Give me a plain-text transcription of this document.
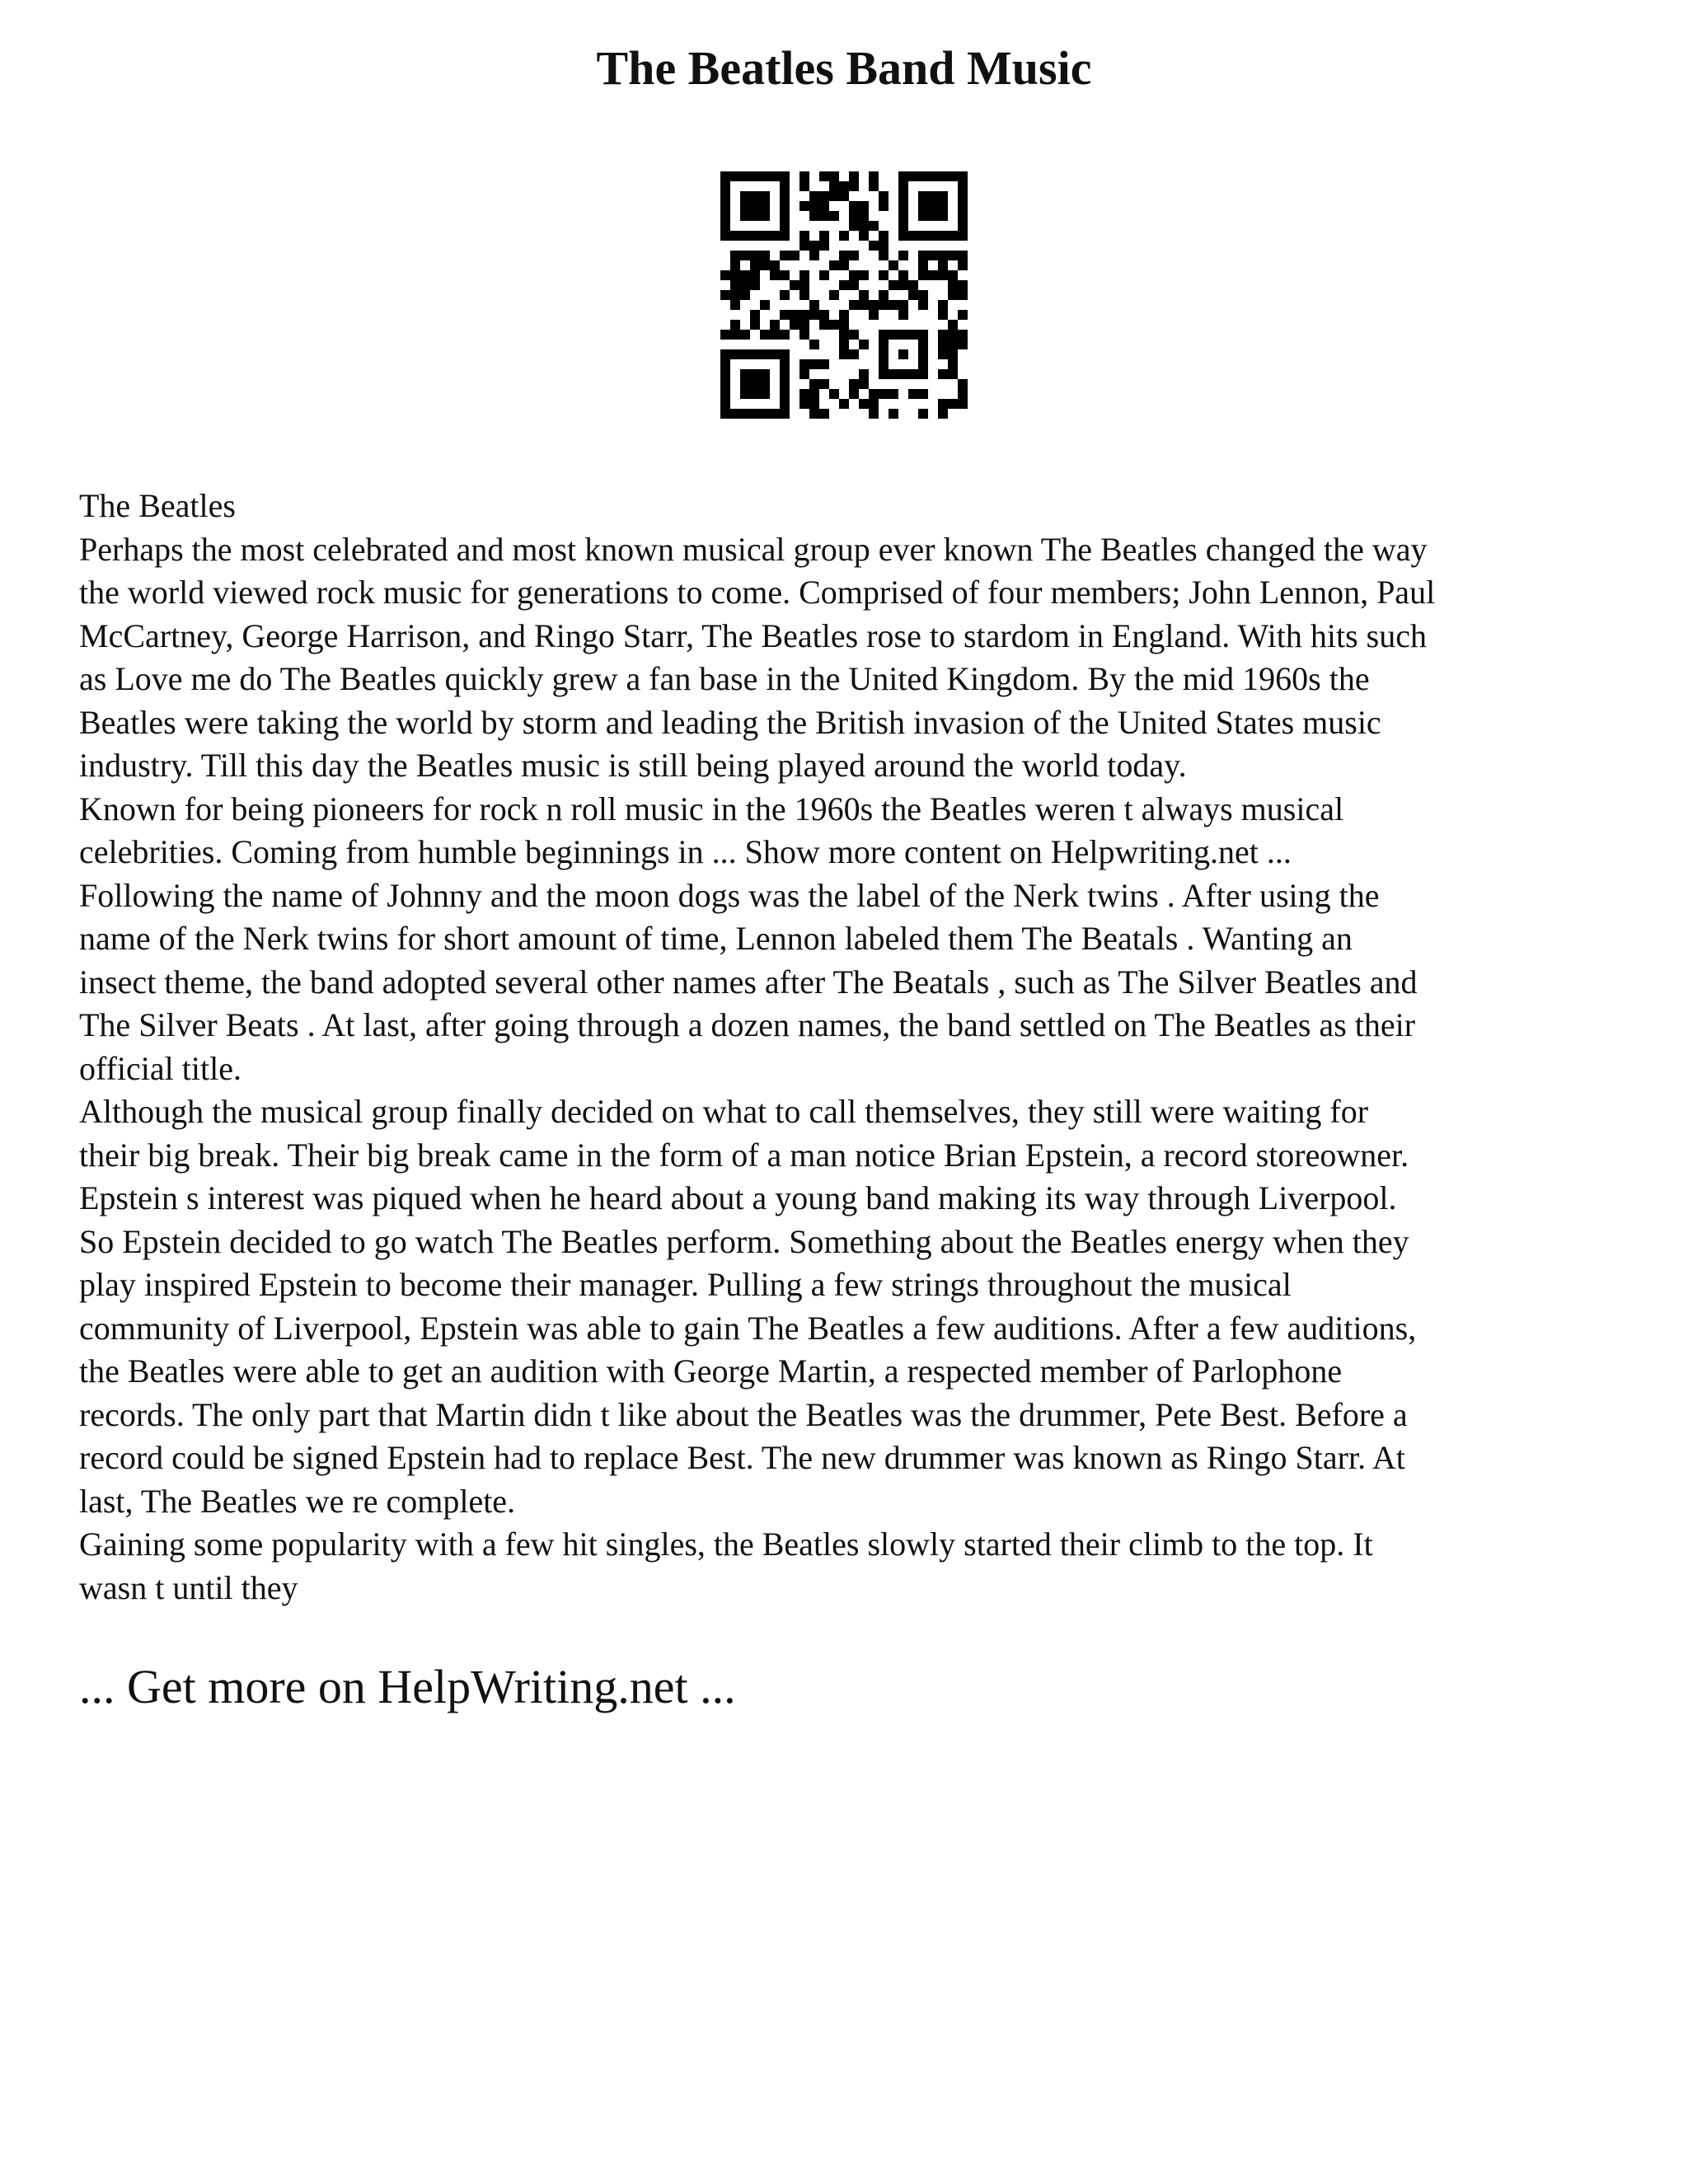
The Beatles Band Music

The Beatles

Perhaps the most celebrated and most known musical group ever known The Beatles changed the way

the world viewed rock music for generations to come. Comprised of four members; John Lennon, Paul

McCartney, George Harrison, and Ringo Starr, The Beatles rose to stardom in England. With hits such

as Love me do The Beatles quickly grew a fan base in the United Kingdom. By the mid 1960s the

Beatles were taking the world by storm and leading the British invasion of the United States music

industry. Till this day the Beatles music is still being played around the world today.

Known for being pioneers for rock n roll music in the 1960s the Beatles weren t always musical

celebrities. Coming from humble beginnings in ... Show more content on Helpwriting.net ...

Following the name of Johnny and the moon dogs was the label of the Nerk twins . After using the

name of the Nerk twins for short amount of time, Lennon labeled them The Beatals . Wanting an

insect theme, the band adopted several other names after The Beatals , such as The Silver Beatles and

The Silver Beats . At last, after going through a dozen names, the band settled on The Beatles as their

official title.

Although the musical group finally decided on what to call themselves, they still were waiting for

their big break. Their big break came in the form of a man notice Brian Epstein, a record storeowner.

Epstein s interest was piqued when he heard about a young band making its way through Liverpool.

So Epstein decided to go watch The Beatles perform. Something about the Beatles energy when they

play inspired Epstein to become their manager. Pulling a few strings throughout the musical

community of Liverpool, Epstein was able to gain The Beatles a few auditions. After a few auditions,

the Beatles were able to get an audition with George Martin, a respected member of Parlophone

records. The only part that Martin didn t like about the Beatles was the drummer, Pete Best. Before a

record could be signed Epstein had to replace Best. The new drummer was known as Ringo Starr. At

last, The Beatles we re complete.

Gaining some popularity with a few hit singles, the Beatles slowly started their climb to the top. It

wasn t until they

... Get more on HelpWriting.net ...
